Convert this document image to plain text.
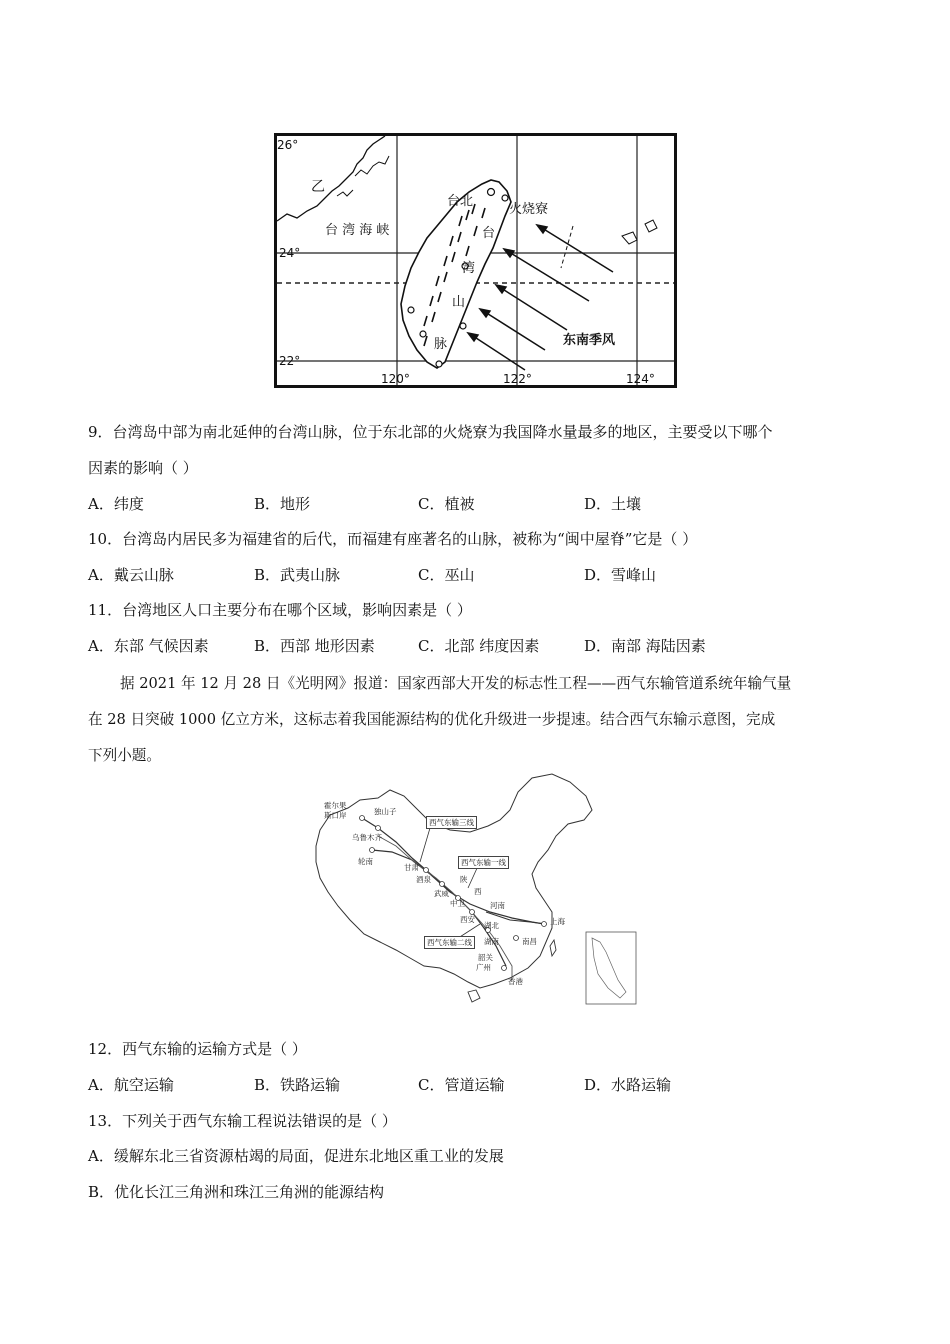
26°
24°
22°
120°	122°	124°
乙
台 湾 海 峡
台北
火烧寮
台
湾
山
脉	东南季风
9．台湾岛中部为南北延伸的台湾山脉，位于东北部的火烧寮为我国降水量最多的地区，主要受以下哪个
因素的影响（ ）
A．纬度	B．地形	C．植被	D．土壤
10．台湾岛内居民多为福建省的后代，而福建有座著名的山脉，被称为“闽中屋脊”它是（ ）
A．戴云山脉	B．武夷山脉	C．巫山	D．雪峰山
11．台湾地区人口主要分布在哪个区域，影响因素是（ ）
A．东部 气候因素	B．西部 地形因素	C．北部 纬度因素	D．南部 海陆因素
据 2021 年 12 月 28 日《光明网》报道：国家西部大开发的标志性工程——西气东输管道系统年输气量
在 28 日突破 1000 亿立方米，这标志着我国能源结构的优化升级进一步提速。结合西气东输示意图，完成
下列小题。
西气东输三线
西气东输一线
西气东输二线
霍尔果
斯口岸	独山子
乌鲁木齐
轮南
甘肃
酒泉
武威
中卫
陕
西
西安
河南
湖北
湖南	南昌
韶关
广州
香港
上海
12．西气东输的运输方式是（ ）
A．航空运输	B．铁路运输	C．管道运输	D．水路运输
13．下列关于西气东输工程说法错误的是（ ）
A．缓解东北三省资源枯竭的局面，促进东北地区重工业的发展
B．优化长江三角洲和珠江三角洲的能源结构
